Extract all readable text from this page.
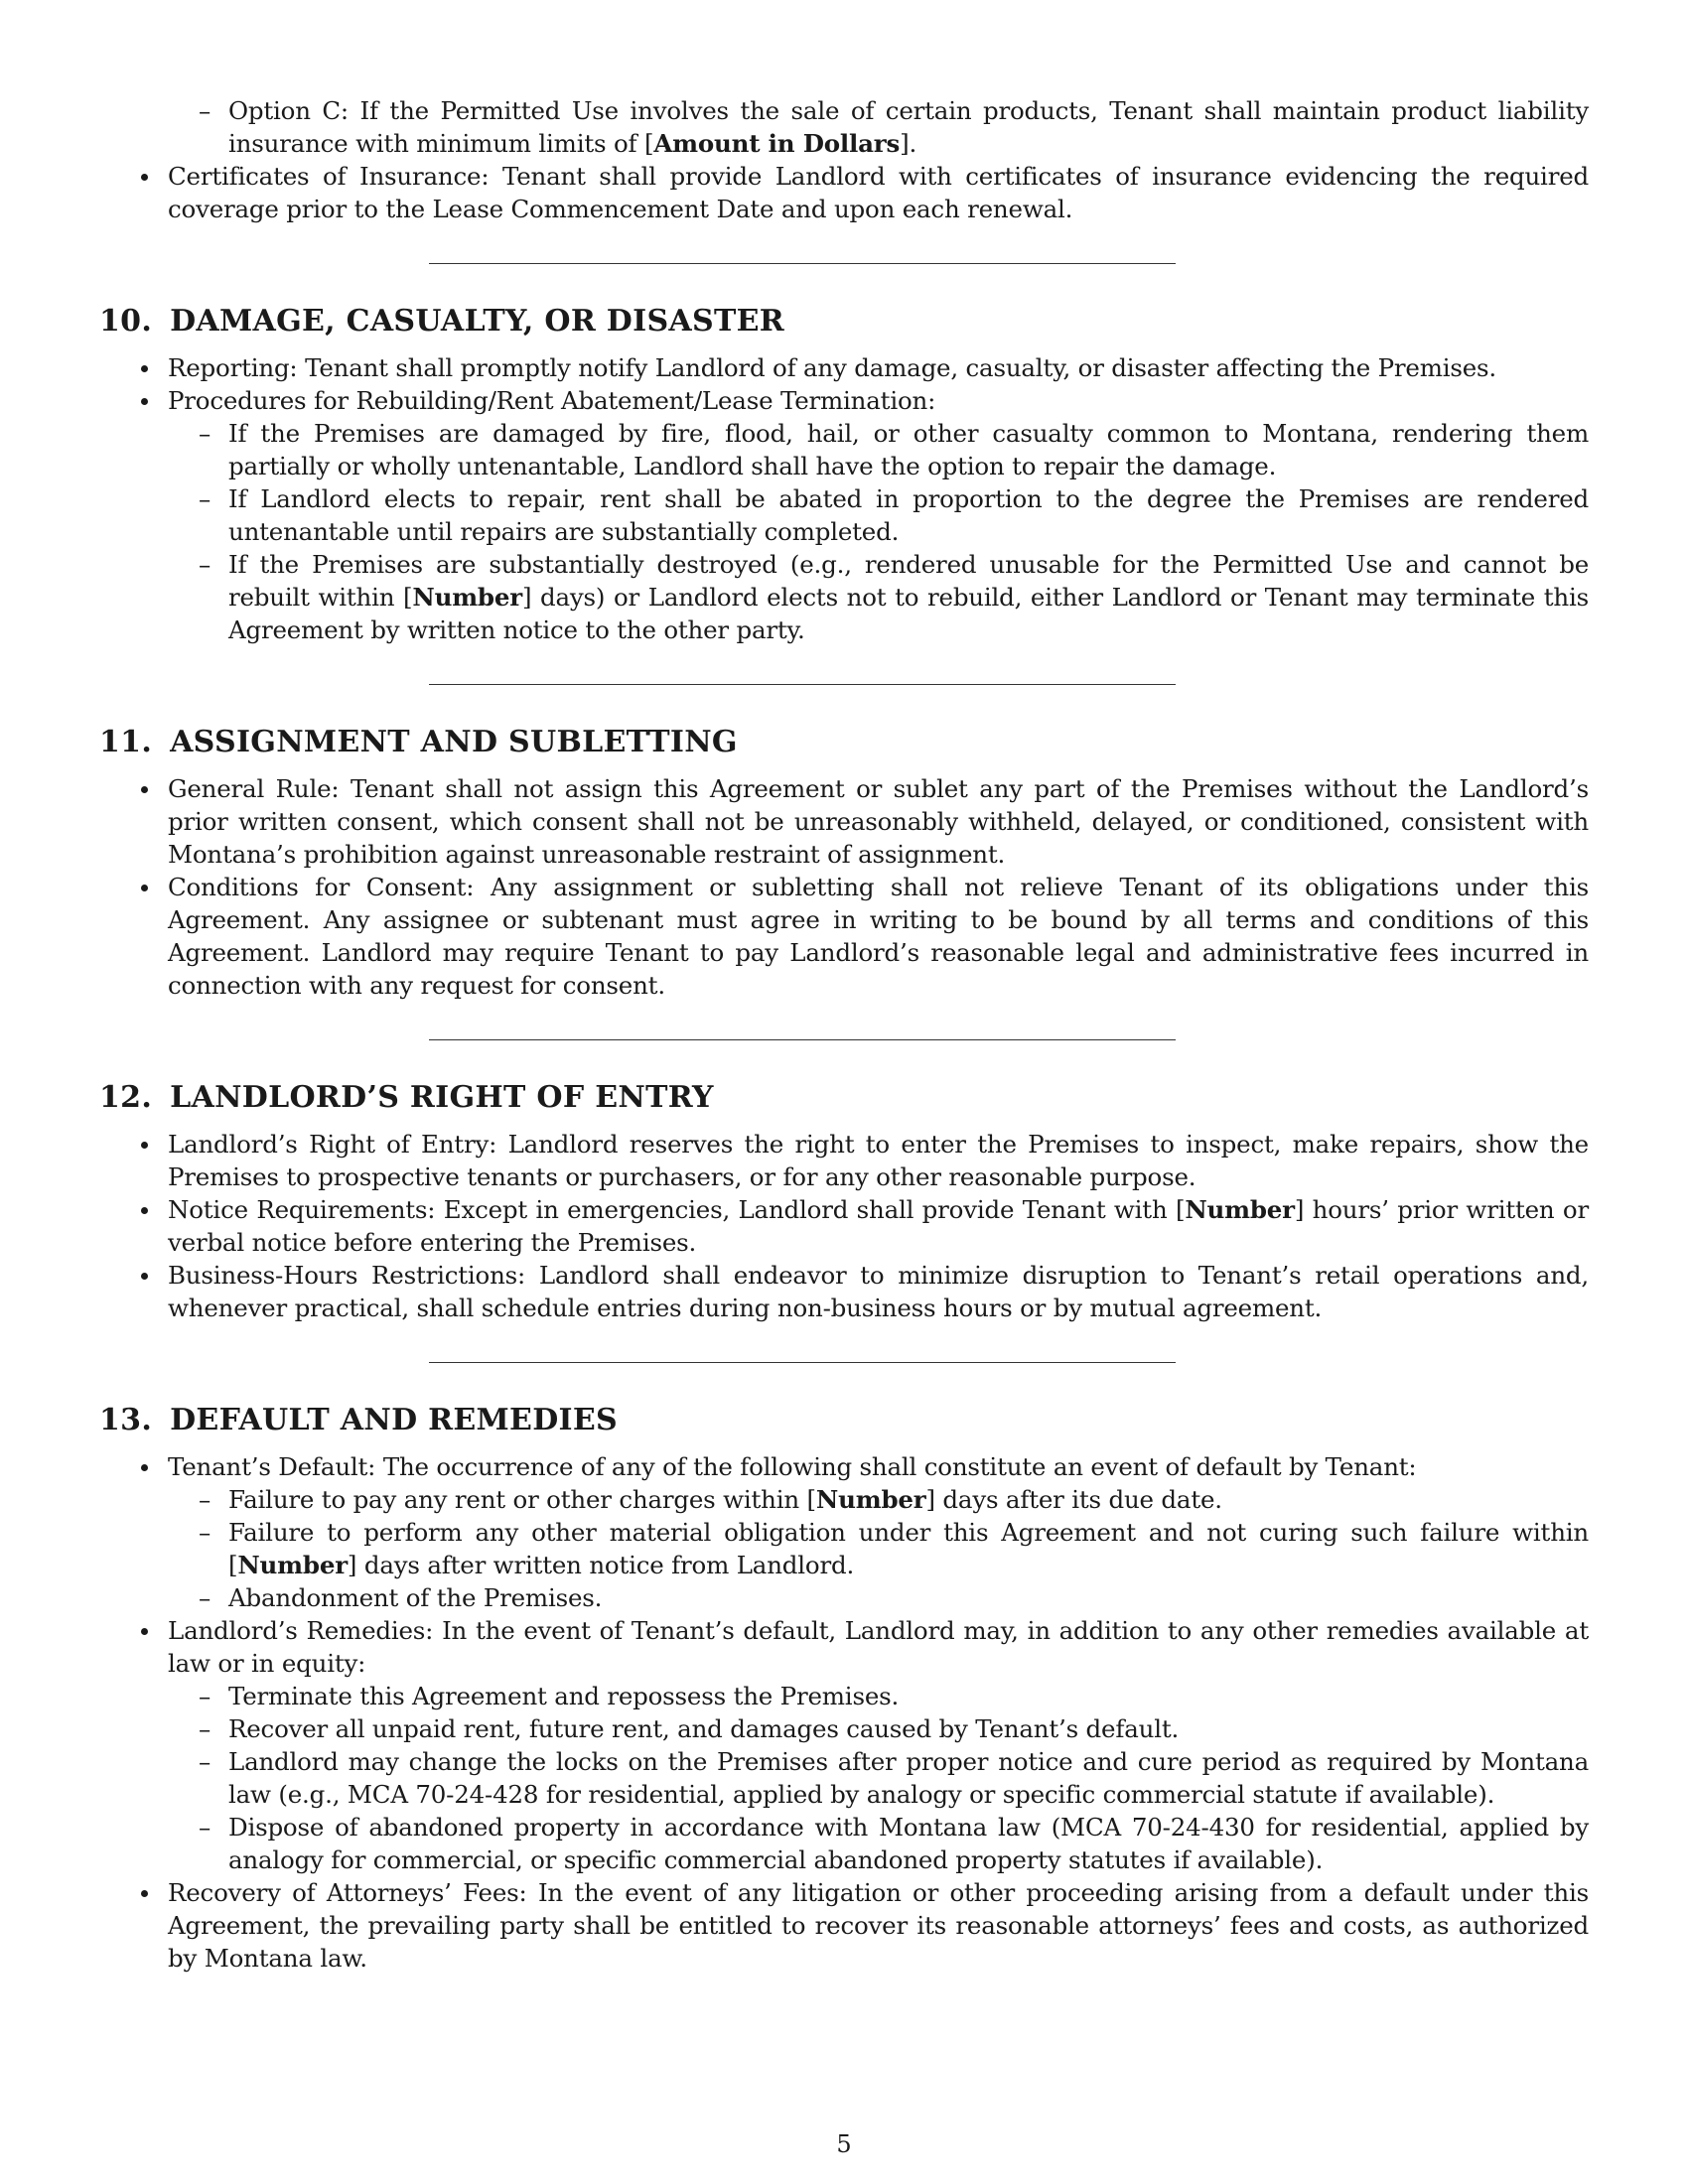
– Option C: If the Permitted Use involves the sale of certain products, Tenant shall maintain product liability insurance with minimum limits of [Amount in Dollars].
Certificates of Insurance: Tenant shall provide Landlord with certificates of insurance evidencing the required coverage prior to the Lease Commencement Date and upon each renewal.
10. DAMAGE, CASUALTY, OR DISASTER
Reporting: Tenant shall promptly notify Landlord of any damage, casualty, or disaster affecting the Premises.
Procedures for Rebuilding/Rent Abatement/Lease Termination:
– If the Premises are damaged by fire, flood, hail, or other casualty common to Montana, rendering them partially or wholly untenantable, Landlord shall have the option to repair the damage.
– If Landlord elects to repair, rent shall be abated in proportion to the degree the Premises are rendered untenantable until repairs are substantially completed.
– If the Premises are substantially destroyed (e.g., rendered unusable for the Permitted Use and cannot be rebuilt within [Number] days) or Landlord elects not to rebuild, either Landlord or Tenant may terminate this Agreement by written notice to the other party.
11. ASSIGNMENT AND SUBLETTING
General Rule: Tenant shall not assign this Agreement or sublet any part of the Premises without the Landlord’s prior written consent, which consent shall not be unreasonably withheld, delayed, or conditioned, consistent with Montana’s prohibition against unreasonable restraint of assignment.
Conditions for Consent: Any assignment or subletting shall not relieve Tenant of its obligations under this Agreement. Any assignee or subtenant must agree in writing to be bound by all terms and conditions of this Agreement. Landlord may require Tenant to pay Landlord’s reasonable legal and administrative fees incurred in connection with any request for consent.
12. LANDLORD’S RIGHT OF ENTRY
Landlord’s Right of Entry: Landlord reserves the right to enter the Premises to inspect, make repairs, show the Premises to prospective tenants or purchasers, or for any other reasonable purpose.
Notice Requirements: Except in emergencies, Landlord shall provide Tenant with [Number] hours’ prior written or verbal notice before entering the Premises.
Business-Hours Restrictions: Landlord shall endeavor to minimize disruption to Tenant’s retail operations and, whenever practical, shall schedule entries during non-business hours or by mutual agreement.
13. DEFAULT AND REMEDIES
Tenant’s Default: The occurrence of any of the following shall constitute an event of default by Tenant:
– Failure to pay any rent or other charges within [Number] days after its due date.
– Failure to perform any other material obligation under this Agreement and not curing such failure within [Number] days after written notice from Landlord.
– Abandonment of the Premises.
Landlord’s Remedies: In the event of Tenant’s default, Landlord may, in addition to any other remedies available at law or in equity:
– Terminate this Agreement and repossess the Premises.
– Recover all unpaid rent, future rent, and damages caused by Tenant’s default.
– Landlord may change the locks on the Premises after proper notice and cure period as required by Montana law (e.g., MCA 70-24-428 for residential, applied by analogy or specific commercial statute if available).
– Dispose of abandoned property in accordance with Montana law (MCA 70-24-430 for residential, applied by analogy for commercial, or specific commercial abandoned property statutes if available).
Recovery of Attorneys’ Fees: In the event of any litigation or other proceeding arising from a default under this Agreement, the prevailing party shall be entitled to recover its reasonable attorneys’ fees and costs, as authorized by Montana law.
5
